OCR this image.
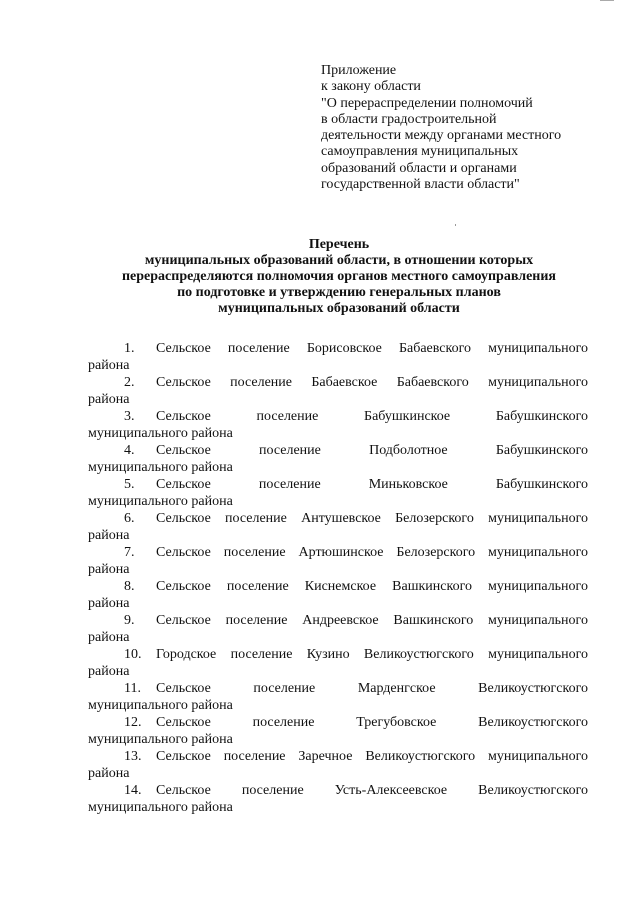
Приложение
к закону области
"О перераспределении полномочий
в области градостроительной
деятельности между органами местного
самоуправления муниципальных
образований области и органами
государственной власти области"
Перечень
муниципальных образований области, в отношении которых
перераспределяются полномочия органов местного самоуправления
по подготовке и утверждению генеральных планов
муниципальных образований области
1.	Сельское поселение Борисовское Бабаевского муниципального
района
2.	Сельское поселение Бабаевское Бабаевского муниципального
района
3.	Сельское	поселение	Бабушкинское	Бабушкинского
муниципального района
4.	Сельское	поселение	Подболотное	Бабушкинского
муниципального района
5.	Сельское	поселение	Миньковское	Бабушкинского
муниципального района
6.	Сельское поселение Антушевское Белозерского муниципального
района
7.	Сельское поселение Артюшинское Белозерского муниципального
района
8.	Сельское поселение Киснемское Вашкинского муниципального
района
9.	Сельское поселение Андреевское Вашкинского муниципального
района
10.	Городское поселение Кузино Великоустюгского муниципального
района
11.	Сельское	поселение	Марденгское	Великоустюгского
муниципального района
12.	Сельское	поселение	Трегубовское	Великоустюгского
муниципального района
13.	Сельское поселение Заречное Великоустюгского муниципального
района
14.	Сельское поселение Усть-Алексеевское Великоустюгского
муниципального района
